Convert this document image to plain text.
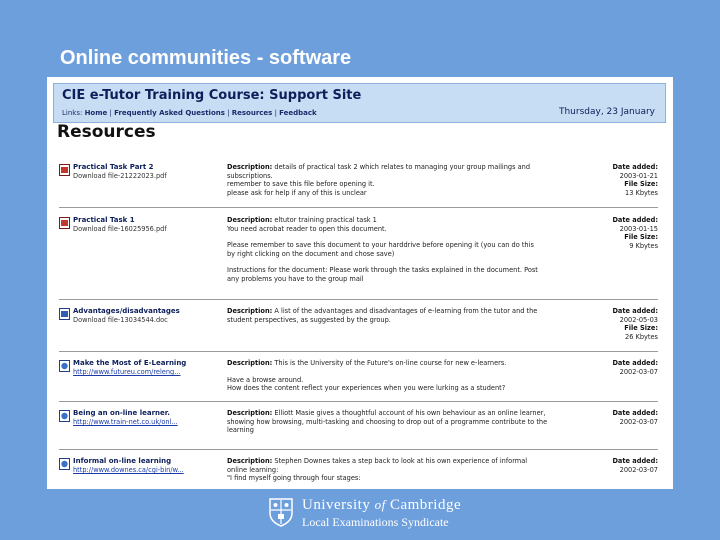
Online communities - software
CIE e-Tutor Training Course: Support Site
Links: Home | Frequently Asked Questions | Resources | Feedback	Thursday, 23 January
Resources
Practical Task Part 2
Download file-21222023.pdf

Description: details of practical task 2 which relates to managing your group mailings and

subscriptions.

remember to save this file before opening it.

please ask for help if any of this is unclear

Date added:

2003-01-21

File Size:

13 Kbytes

Practical Task 1
Download file-16025956.pdf

Description: eltutor training practical task 1

You need acrobat reader to open this document.

Please remember to save this document to your harddrive before opening it (you can do this

by right clicking on the document and chose save)

Instructions for the document: Please work through the tasks explained in the document. Post

any problems you have to the group mail

Date added:

2003-01-15

File Size:

9 Kbytes

Advantages/disadvantages
Download file-13034544.doc

Description: A list of the advantages and disadvantages of e-learning from the tutor and the

student perspectives, as suggested by the group.

Date added:

2002-05-03

File Size:

26 Kbytes

Make the Most of E-Learning
http://www.futureu.com/releng...

Description: This is the University of the Future's on-line course for new e-learners.

Have a browse around.

How does the content reflect your experiences when you were lurking as a student?

Date added:

2002-03-07

Being an on-line learner.
http://www.train-net.co.uk/onl...

Description: Elliott Masie gives a thoughtful account of his own behaviour as an online learner,

showing how browsing, multi-tasking and choosing to drop out of a programme contribute to the

learning

Date added:

2002-03-07

Informal on-line learning
http://www.downes.ca/cgi-bin/w...

Description: Stephen Downes takes a step back to look at his own experience of informal

online learning:

"I find myself going through four stages:

Date added:

2002-03-07

University of Cambridge
Local Examinations Syndicate
